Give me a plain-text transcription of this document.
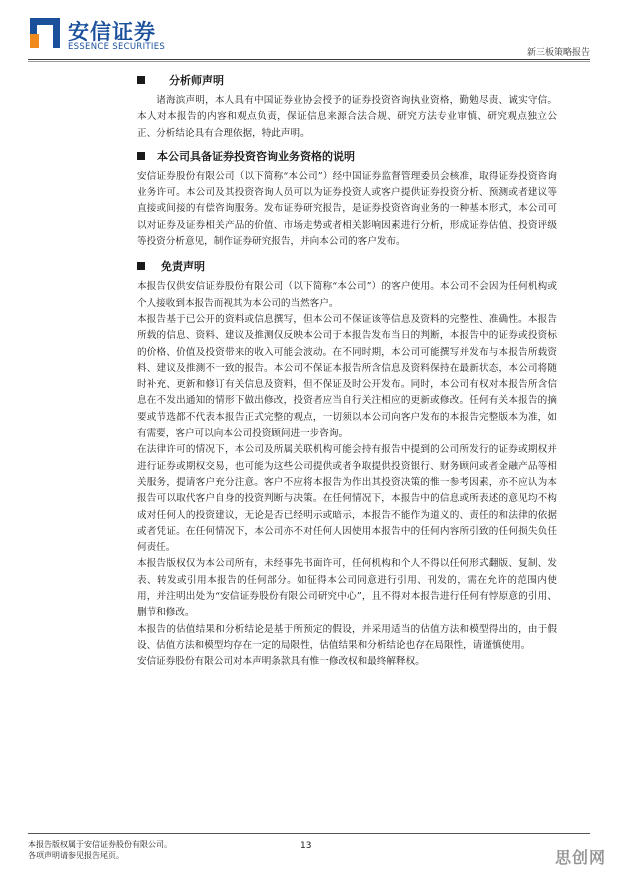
安信证券
ESSENCE SECURITIES
新三板策略报告
分析师声明

诸海滨声明，本人具有中国证券业协会授予的证券投资咨询执业资格，勤勉尽责、诚实守信。本人对本报告的内容和观点负责，保证信息来源合法合规、研究方法专业审慎、研究观点独立公正、分析结论具有合理依据，特此声明。

本公司具备证券投资咨询业务资格的说明

安信证券股份有限公司（以下简称“本公司”）经中国证券监督管理委员会核准，取得证券投资咨询业务许可。本公司及其投资咨询人员可以为证券投资人或客户提供证券投资分析、预测或者建议等直接或间接的有偿咨询服务。发布证券研究报告，是证券投资咨询业务的一种基本形式，本公司可以对证券及证券相关产品的价值、市场走势或者相关影响因素进行分析，形成证券估值、投资评级等投资分析意见，制作证券研究报告，并向本公司的客户发布。

免责声明

本报告仅供安信证券股份有限公司（以下简称“本公司”）的客户使用。本公司不会因为任何机构或个人接收到本报告而视其为本公司的当然客户。

本报告基于已公开的资料或信息撰写，但本公司不保证该等信息及资料的完整性、准确性。本报告所载的信息、资料、建议及推测仅反映本公司于本报告发布当日的判断，本报告中的证券或投资标的价格、价值及投资带来的收入可能会波动。在不同时期，本公司可能撰写并发布与本报告所载资料、建议及推测不一致的报告。本公司不保证本报告所含信息及资料保持在最新状态，本公司将随时补充、更新和修订有关信息及资料，但不保证及时公开发布。同时，本公司有权对本报告所含信息在不发出通知的情形下做出修改，投资者应当自行关注相应的更新或修改。任何有关本报告的摘要或节选都不代表本报告正式完整的观点，一切须以本公司向客户发布的本报告完整版本为准，如有需要，客户可以向本公司投资顾问进一步咨询。

在法律许可的情况下，本公司及所属关联机构可能会持有报告中提到的公司所发行的证券或期权并进行证券或期权交易，也可能为这些公司提供或者争取提供投资银行、财务顾问或者金融产品等相关服务，提请客户充分注意。客户不应将本报告为作出其投资决策的惟一参考因素，亦不应认为本报告可以取代客户自身的投资判断与决策。在任何情况下，本报告中的信息或所表述的意见均不构成对任何人的投资建议，无论是否已经明示或暗示，本报告不能作为道义的、责任的和法律的依据或者凭证。在任何情况下，本公司亦不对任何人因使用本报告中的任何内容所引致的任何损失负任何责任。

本报告版权仅为本公司所有，未经事先书面许可，任何机构和个人不得以任何形式翻版、复制、发表、转发或引用本报告的任何部分。如征得本公司同意进行引用、刊发的，需在允许的范围内使用，并注明出处为“安信证券股份有限公司研究中心”，且不得对本报告进行任何有悖原意的引用、删节和修改。

本报告的估值结果和分析结论是基于所预定的假设，并采用适当的估值方法和模型得出的，由于假设、估值方法和模型均存在一定的局限性，估值结果和分析结论也存在局限性，请谨慎使用。

安信证券股份有限公司对本声明条款具有惟一修改权和最终解释权。

本报告版权属于安信证券股份有限公司。
各项声明请参见报告尾页。
13
思创网
